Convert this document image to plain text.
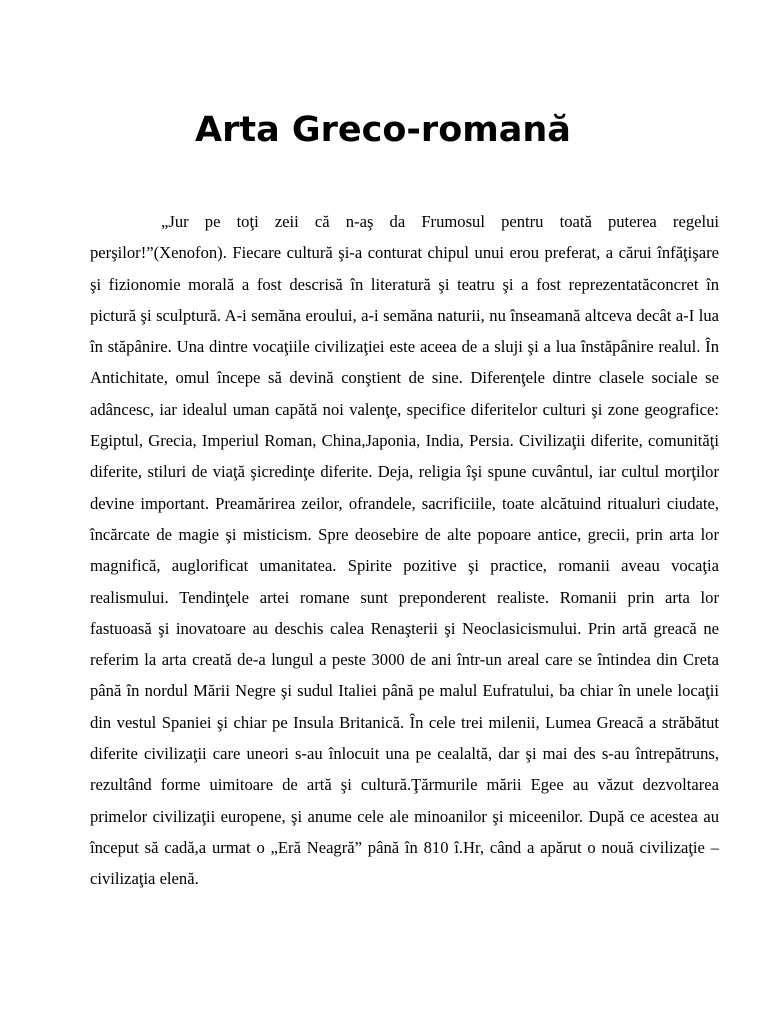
Arta Greco-romană

„Jur pe toţi zeii că n-aş da Frumosul pentru toată puterea regelui perşilor!”(Xenofon). Fiecare cultură şi-a conturat chipul unui erou preferat, a cărui înfăţişare şi fizionomie morală a fost descrisă în literatură şi teatru şi a fost reprezentatăconcret în pictură şi sculptură. A-i semăna eroului, a-i semăna naturii, nu înseamană altceva decât a-I lua în stăpânire. Una dintre vocaţiile civilizaţiei este aceea de a sluji şi a lua înstăpânire realul. În Antichitate, omul începe să devină conştient de sine. Diferenţele dintre clasele sociale se adâncesc, iar idealul uman capătă noi valenţe, specifice diferitelor culturi şi zone geografice: Egiptul, Grecia, Imperiul Roman, China,Japonia, India, Persia. Civilizaţii diferite, comunităţi diferite, stiluri de viaţă şicredinţe diferite. Deja, religia îşi spune cuvântul, iar cultul morţilor devine important. Preamărirea zeilor, ofrandele, sacrificiile, toate alcătuind ritualuri ciudate, încărcate de magie şi misticism. Spre deosebire de alte popoare antice, grecii, prin arta lor magnifică, auglorificat umanitatea. Spirite pozitive şi practice, romanii aveau vocaţia realismului. Tendinţele artei romane sunt preponderent realiste. Romanii prin arta lor fastuoasă şi inovatoare au deschis calea Renaşterii şi Neoclasicismului. Prin artă greacă ne referim la arta creată de-a lungul a peste 3000 de ani într-un areal care se întindea din Creta până în nordul Mării Negre şi sudul Italiei până pe malul Eufratului, ba chiar în unele locaţii din vestul Spaniei şi chiar pe Insula Britanică. În cele trei milenii, Lumea Greacă a străbătut diferite civilizaţii care uneori s-au înlocuit una pe cealaltă, dar şi mai des s-au întrepătruns, rezultând forme uimitoare de artă şi cultură.Ţărmurile mării Egee au văzut dezvoltarea primelor civilizaţii europene, şi anume cele ale minoanilor şi miceenilor. După ce acestea au început să cadă,a urmat o „Eră Neagră” până în 810 î.Hr, când a apărut o nouă civilizaţie –civilizaţia elenă.
